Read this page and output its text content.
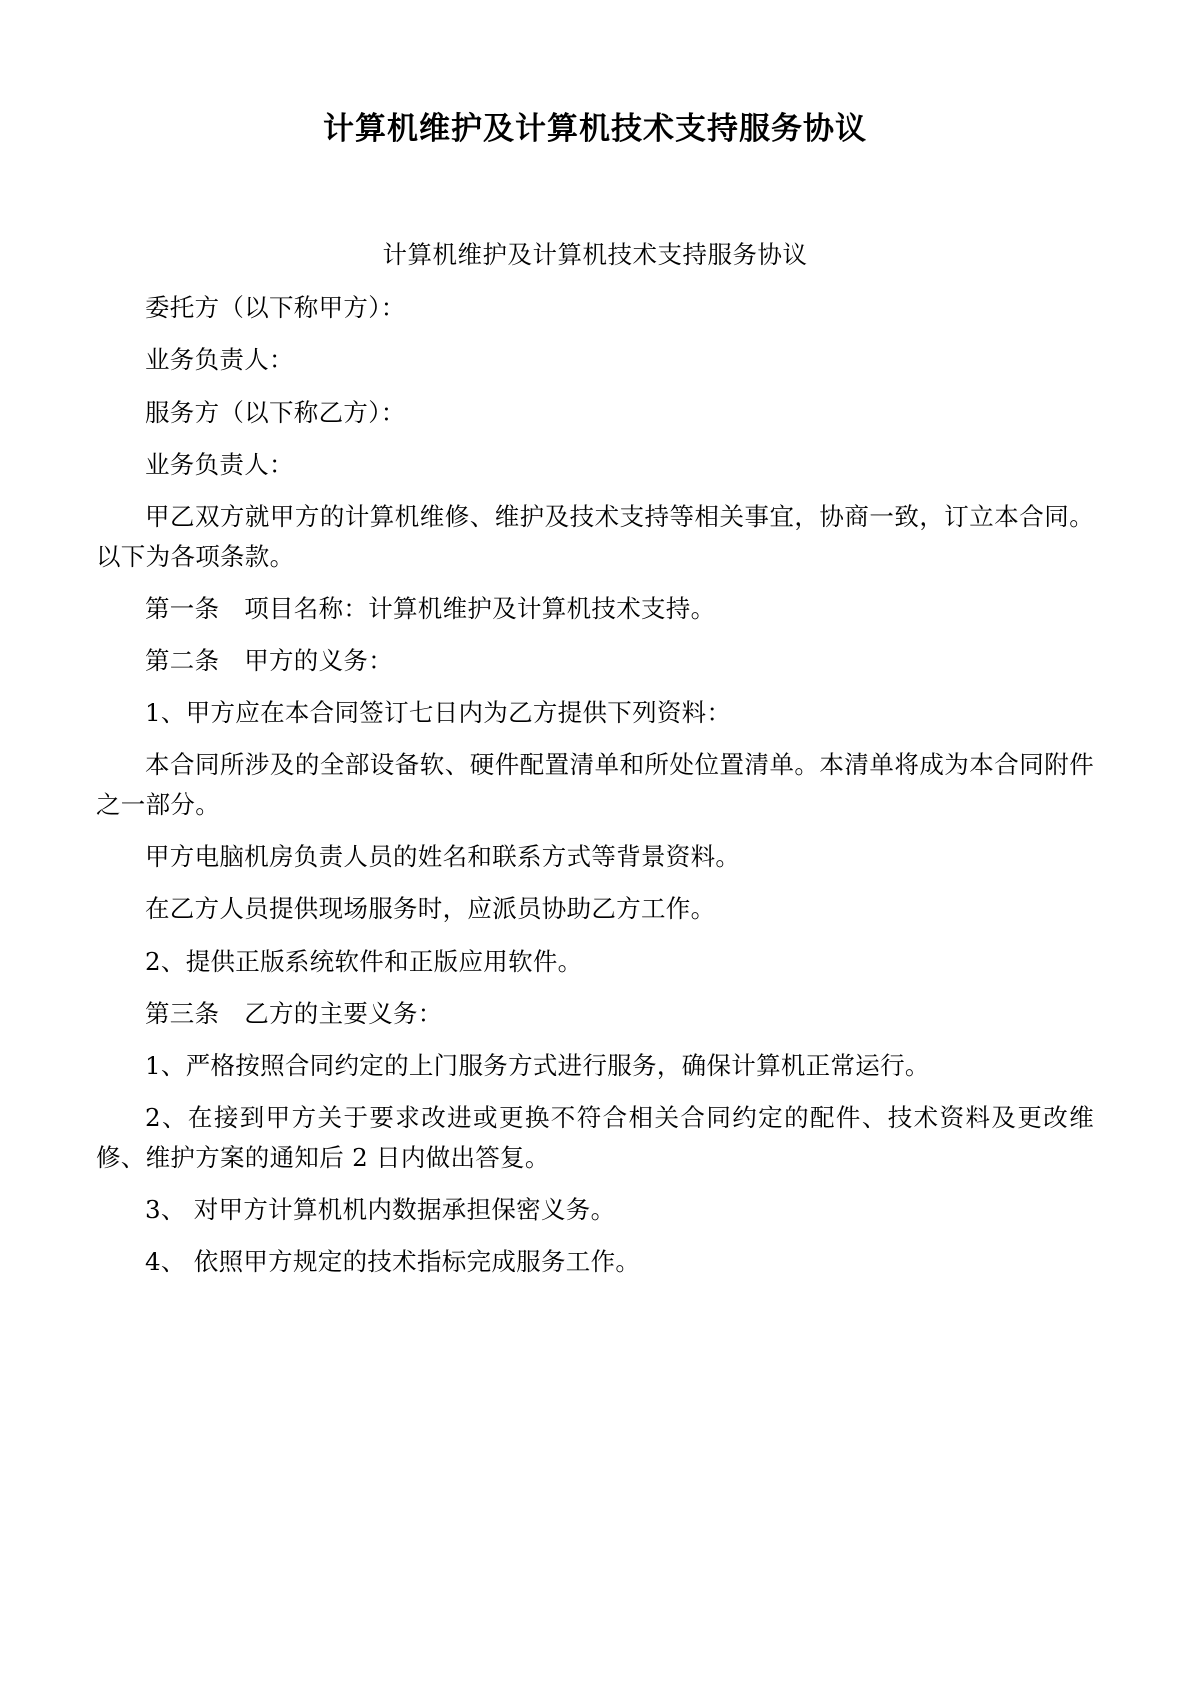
计算机维护及计算机技术支持服务协议

计算机维护及计算机技术支持服务协议

委托方（以下称甲方）：

业务负责人：

服务方（以下称乙方）：

业务负责人：

甲乙双方就甲方的计算机维修、维护及技术支持等相关事宜，协商一致，订立本合同。以下为各项条款。

第一条　项目名称：计算机维护及计算机技术支持。

第二条　甲方的义务：

1、甲方应在本合同签订七日内为乙方提供下列资料：

本合同所涉及的全部设备软、硬件配置清单和所处位置清单。本清单将成为本合同附件之一部分。

甲方电脑机房负责人员的姓名和联系方式等背景资料。

在乙方人员提供现场服务时，应派员协助乙方工作。

2、提供正版系统软件和正版应用软件。

第三条　乙方的主要义务：

1、严格按照合同约定的上门服务方式进行服务，确保计算机正常运行。

2、在接到甲方关于要求改进或更换不符合相关合同约定的配件、技术资料及更改维修、维护方案的通知后 2 日内做出答复。

3、 对甲方计算机机内数据承担保密义务。

4、 依照甲方规定的技术指标完成服务工作。
